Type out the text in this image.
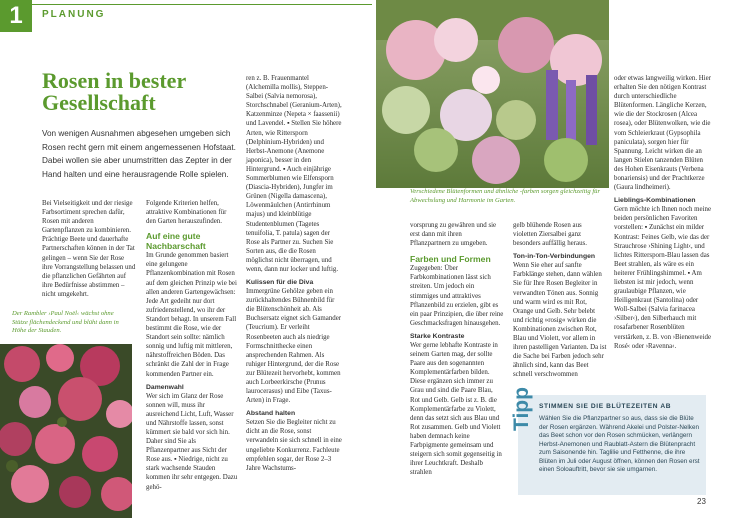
1	PLANUNG
Rosen in bester Gesellschaft
Von wenigen Ausnahmen abgesehen umgeben sich Rosen recht gern mit einem angemessenen Hofstaat. Dabei wollen sie aber unumstritten das Zepter in der Hand halten und eine herausragende Rolle spielen.

Bei Vielseitigkeit und der riesige Farbsortiment sprechen dafür, Rosen mit anderen Gartenpflanzen zu kombinieren. Prächtige Beete und dauerhafte Partnerschaften können in der Tat gelingen – wenn Sie der Rose ihre Vorrangstellung belassen und die pflanzlichen Gefährten auf ihre Bedürfnisse abstimmen – nicht umgekehrt.

Der Rambler ›Paul Noël‹ wächst ohne Stütze flächendeckend und blüht dann in Höhe der Stauden.

Folgende Kriterien helfen, attraktive Kombinationen für den Garten herauszufinden.

Auf eine gute Nachbarschaft

Im Grunde genommen basiert eine gelungene Pflanzenkombination mit Rosen auf dem gleichen Prinzip wie bei allen anderen Gartengewächsen: Jede Art gedeiht nur dort zufriedenstellend, wo ihr der Standort behagt. In unserem Fall bestimmt die Rose, wie der Standort sein sollte: nämlich sonnig und luftig mit mittleren, nährstoffreichen Böden. Das schränkt die Zahl der in Frage kommenden Partner ein.

Damenwahl

Wer sich im Glanz der Rose sonnen will, muss ihr ausreichend Licht, Luft, Wasser und Nährstoffe lassen, sonst kümmert sie bald vor sich hin. Daher sind Sie als Pflanzenpartner aus Sicht der Rose aus. ▪ Niedrige, nicht zu stark wachsende Stauden kommen ihr sehr entgegen. Dazu gehö-

ren z. B. Frauenmantel (Alchemilla mollis), Steppen-Salbei (Salvia nemorosa), Storchschnabel (Geranium-Arten), Katzenminze (Nepeta × faassenii) und Lavendel. ▪ Stellen Sie höhere Arten, wie Rittersporn (Delphinium-Hybriden) und Herbst-Anemone (Anemone japonica), besser in den Hintergrund. ▪ Auch einjährige Sommerblumen wie Elfensporn (Diascia-Hybriden), Jungfer im Grünen (Nigella damascena), Löwenmäulchen (Antirrhinum majus) und kleinblütige Studentenblumen (Tagetes tenuifolia, T. patula) sagen der Rose als Partner zu. Suchen Sie Sorten aus, die die Rosen möglichst nicht überragen, und wenn, dann nur locker und luftig.

Kulissen für die Diva

Immergrüne Gehölze geben ein zurückhaltendes Bühnenbild für die Blütenschönheit ab. Als Buchsersatz eignet sich Gamander (Teucrium). Er verleiht Rosenbeeten auch als niedrige Formschnitthecke einen ansprechenden Rahmen. Als ruhiger Hintergrund, der die Rose zur Blütezeit hervorhebt, kommen auch Lorbeerkirsche (Prunus laurocerasus) und Eibe (Taxus-Arten) in Frage.

Abstand halten

Setzen Sie die Begleiter nicht zu dicht an die Rose, sonst verwandeln sie sich schnell in eine ungeliebte Konkurrenz. Fachleute empfehlen sogar, der Rose 2–3 Jahre Wachstums-

Verschiedene Blütenformen und ähnliche -farben sorgen gleichzeitig für Abwechslung und Harmonie im Garten.

vorsprung zu gewähren und sie erst dann mit ihren Pflanzpartnern zu umgeben.

Farben und Formen

Zugegeben: Über Farbkombinationen lässt sich streiten. Um jedoch ein stimmiges und attraktives Pflanzenbild zu erzielen, gibt es ein paar Prinzipien, die über reine Geschmacksfragen hinausgehen.

Starke Kontraste

Wer gerne lebhafte Kontraste in seinem Garten mag, der sollte Paare aus den sogenannten Komplementärfarben bilden. Diese ergänzen sich immer zu Grau und sind die Paare Blau, Rot und Gelb. Gelb ist z. B. die Komplementärfarbe zu Violett, denn das setzt sich aus Blau und Rot zusammen. Gelb und Violett haben demnach keine Farbpigmente gemeinsam und steigern sich somit gegenseitig in ihrer Leuchtkraft. Deshalb strahlen

gelb blühende Rosen aus violetten Ziersalbei ganz besonders auffällig heraus.

Ton-in-Ton-Verbindungen

Wenn Sie eher auf sanfte Farbklänge stehen, dann wählen Sie für Ihre Rosen Begleiter in verwandten Tönen aus. Sonnig und warm wird es mit Rot, Orange und Gelb. Sehr belebt und richtig »rosig« wirken die Kombinationen zwischen Rot, Blau und Violett, vor allem in ihren pastelligen Varianten. Da ist die Sache bei Farben jedoch sehr ähnlich sind, kann das Beet schnell verschwommen

oder etwas langweilig wirken. Hier erhalten Sie den nötigen Kontrast durch unterschiedliche Blütenformen. Längliche Kerzen, wie die der Stockrosen (Alcea rosea), oder Blütenwolken, wie die vom Schleierkraut (Gypsophila paniculata), sorgen hier für Spannung. Leicht wirken die an langen Stielen tanzenden Blüten des Hohen Eisenkrauts (Verbena bonariensis) und der Prachtkerze (Gaura lindheimeri).

Lieblings-Kombinationen

Gern möchte ich Ihnen noch meine beiden persönlichen Favoriten vorstellen: ▪ Zunächst ein milder Kontrast: Feines Gelb, wie das der Strauchrose ›Shining Light‹, und lichtes Rittersporn-Blau lassen das Beet strahlen, als wäre es ein heiterer Frühlingshimmel. ▪ Am liebsten ist mir jedoch, wenn graulaubige Pflanzen, wie Heiligenkraut (Santolina) oder Woll-Salbei (Salvia farinacea ›Silber‹), den Silberhauch mit rosafarbener Rosenblüten verstärken, z. B. von ›Bienenweide Rosé‹ oder ›Ravenna‹.

Tipp STIMMEN SIE DIE BLÜTEZEITEN AB
Wählen Sie die Pflanzpartner so aus, dass sie die Blüte der Rosen ergänzen. Während Akelei und Polster-Nelken das Beet schon vor den Rosen schmücken, verlängern Herbst-Anemonen und Raublatt-Astern die Blütenpracht zum Saisonende hin. Taglilie und Fetthenne, die ihre Blüten im Juli oder August öffnen, können den Rosen erst einen Soloauftritt, bevor sie sie umgarnen.
23
